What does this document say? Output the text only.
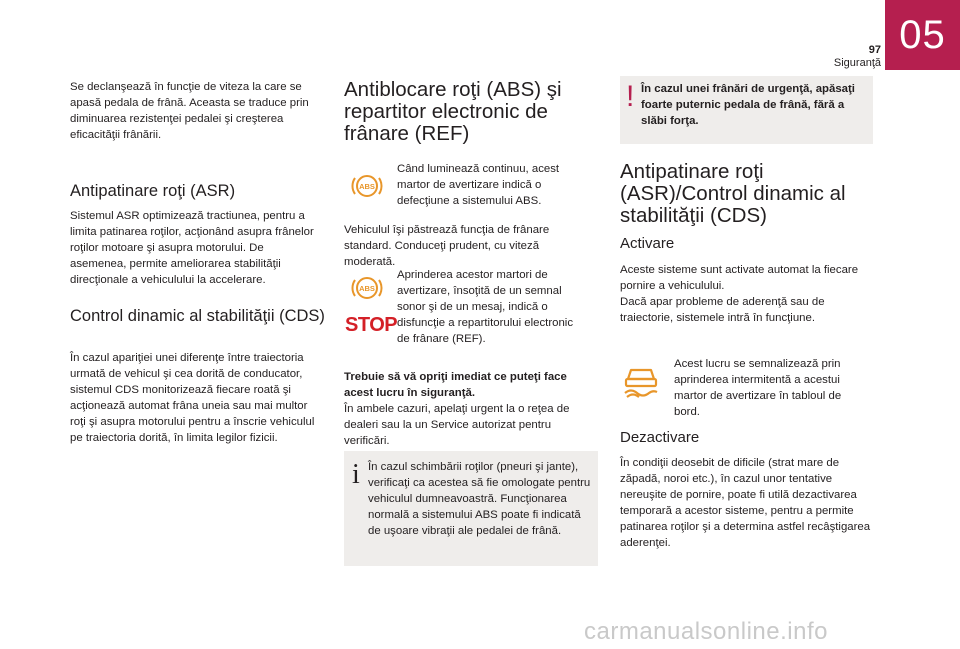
05
97
Siguranţă

Se declanşează în funcţie de viteza la care se apasă pedala de frână. Aceasta se traduce prin diminuarea rezistenţei pedalei şi creşterea eficacităţii frânării.

Antipatinare roţi (ASR)

Sistemul ASR optimizează tractiunea, pentru a limita patinarea roţilor, acţionând asupra frânelor roţilor motoare şi asupra motorului. De asemenea, permite ameliorarea stabilităţii direcţionale a vehiculului la accelerare.

Control dinamic al stabilităţii (CDS)

În cazul apariţiei unei diferenţe între traiectoria urmată de vehicul şi cea dorită de conducator, sistemul CDS monitorizează fiecare roată şi acţionează automat frâna uneia sau mai multor roţi şi asupra motorului pentru a înscrie vehiculul pe traiectoria dorită, în limita legilor fizicii.

Antiblocare roţi (ABS) şi repartitor electronic de frânare (REF)
ABS

Când luminează continuu, acest martor de avertizare indică o defecţiune a sistemului ABS.

Vehiculul îşi păstrează funcţia de frânare standard. Conduceţi prudent, cu viteză moderată.

ABS
STOP

Aprinderea acestor martori de avertizare, însoţită de un semnal sonor şi de un mesaj, indică o disfuncţie a repartitorului electronic de frânare (REF).

Trebuie să vă opriţi imediat ce puteţi face acest lucru în siguranţă.

În ambele cazuri, apelaţi urgent la o reţea de dealeri sau la un Service autorizat pentru verificări.

i În cazul schimbării roţilor (pneuri şi jante), verificaţi ca acestea să fie omologate pentru vehiculul dumneavoastră. Funcţionarea normală a sistemului ABS poate fi indicată de uşoare vibraţii ale pedalei de frână.

! În cazul unei frânări de urgenţă, apăsaţi foarte puternic pedala de frână, fără a slăbi forţa.

Antipatinare roţi (ASR)/Control dinamic al stabilităţii (CDS)
Activare

Aceste sisteme sunt activate automat la fiecare pornire a vehiculului.
Dacă apar probleme de aderenţă sau de traiectorie, sistemele intră în funcţiune.

Acest lucru se semnalizează prin aprinderea intermitentă a acestui martor de avertizare în tabloul de bord.

Dezactivare

În condiţii deosebit de dificile (strat mare de zăpadă, noroi etc.), în cazul unor tentative nereuşite de pornire, poate fi utilă dezactivarea temporară a acestor sisteme, pentru a permite patinarea roţilor şi a determina astfel recâştigarea aderenţei.

carmanualsonline.info
